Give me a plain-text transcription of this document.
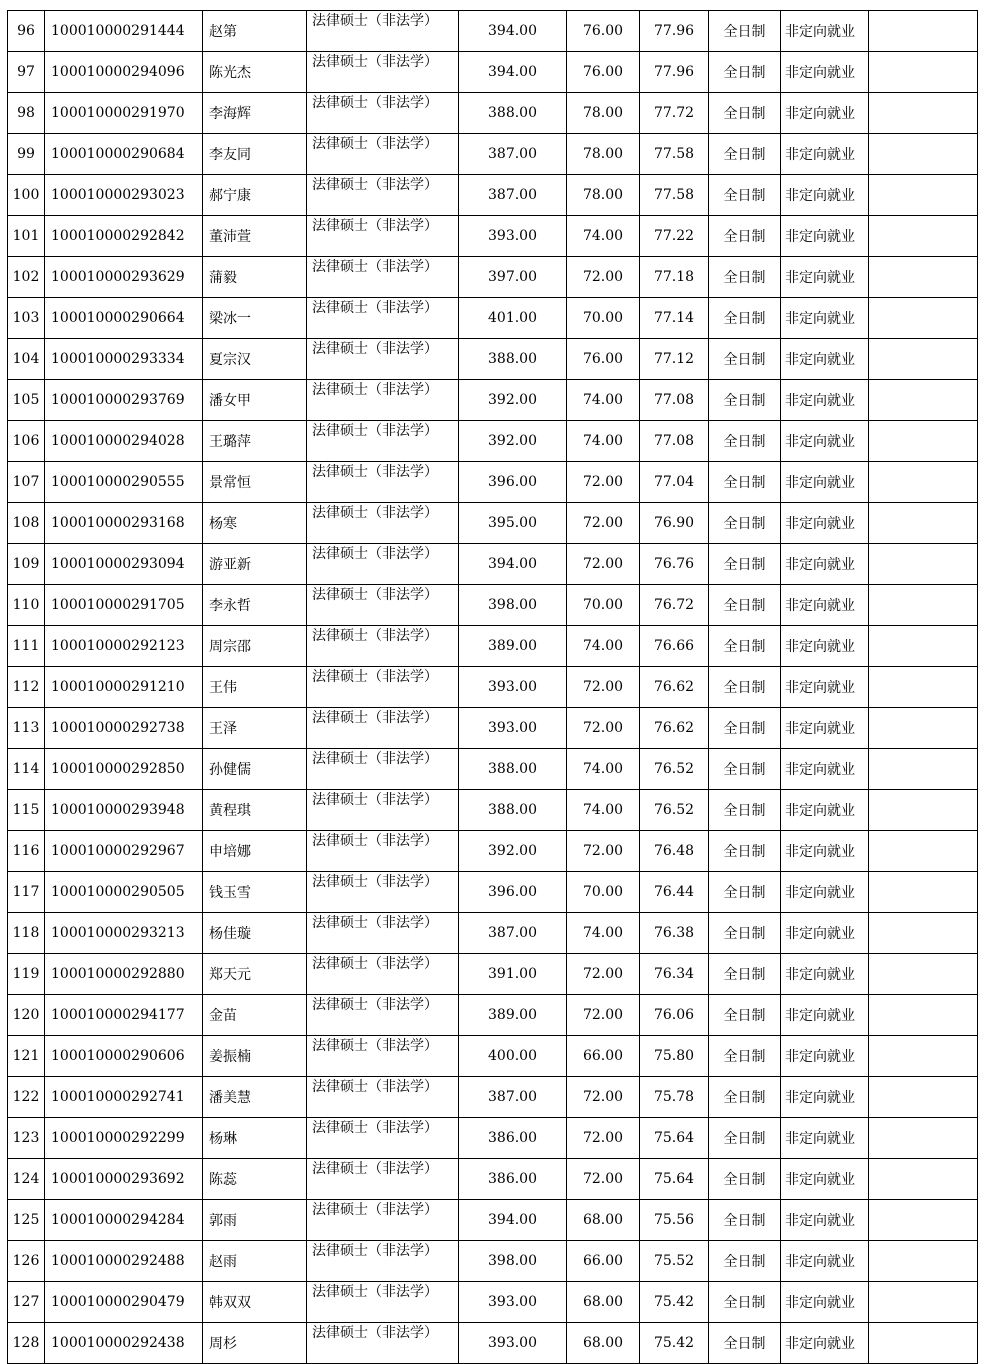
96	100010000291444	赵第	法律硕士（非法学）	394.00	76.00	77.96	全日制	非定向就业	
97	100010000294096	陈光杰	法律硕士（非法学）	394.00	76.00	77.96	全日制	非定向就业	
98	100010000291970	李海辉	法律硕士（非法学）	388.00	78.00	77.72	全日制	非定向就业	
99	100010000290684	李友同	法律硕士（非法学）	387.00	78.00	77.58	全日制	非定向就业	
100	100010000293023	郝宁康	法律硕士（非法学）	387.00	78.00	77.58	全日制	非定向就业	
101	100010000292842	董沛萱	法律硕士（非法学）	393.00	74.00	77.22	全日制	非定向就业	
102	100010000293629	蒲毅	法律硕士（非法学）	397.00	72.00	77.18	全日制	非定向就业	
103	100010000290664	梁冰一	法律硕士（非法学）	401.00	70.00	77.14	全日制	非定向就业	
104	100010000293334	夏宗汉	法律硕士（非法学）	388.00	76.00	77.12	全日制	非定向就业	
105	100010000293769	潘女甲	法律硕士（非法学）	392.00	74.00	77.08	全日制	非定向就业	
106	100010000294028	王璐萍	法律硕士（非法学）	392.00	74.00	77.08	全日制	非定向就业	
107	100010000290555	景常恒	法律硕士（非法学）	396.00	72.00	77.04	全日制	非定向就业	
108	100010000293168	杨寒	法律硕士（非法学）	395.00	72.00	76.90	全日制	非定向就业	
109	100010000293094	游亚新	法律硕士（非法学）	394.00	72.00	76.76	全日制	非定向就业	
110	100010000291705	李永哲	法律硕士（非法学）	398.00	70.00	76.72	全日制	非定向就业	
111	100010000292123	周宗邵	法律硕士（非法学）	389.00	74.00	76.66	全日制	非定向就业	
112	100010000291210	王伟	法律硕士（非法学）	393.00	72.00	76.62	全日制	非定向就业	
113	100010000292738	王泽	法律硕士（非法学）	393.00	72.00	76.62	全日制	非定向就业	
114	100010000292850	孙健儒	法律硕士（非法学）	388.00	74.00	76.52	全日制	非定向就业	
115	100010000293948	黄程琪	法律硕士（非法学）	388.00	74.00	76.52	全日制	非定向就业	
116	100010000292967	申培娜	法律硕士（非法学）	392.00	72.00	76.48	全日制	非定向就业	
117	100010000290505	钱玉雪	法律硕士（非法学）	396.00	70.00	76.44	全日制	非定向就业	
118	100010000293213	杨佳璇	法律硕士（非法学）	387.00	74.00	76.38	全日制	非定向就业	
119	100010000292880	郑天元	法律硕士（非法学）	391.00	72.00	76.34	全日制	非定向就业	
120	100010000294177	金苗	法律硕士（非法学）	389.00	72.00	76.06	全日制	非定向就业	
121	100010000290606	姜振楠	法律硕士（非法学）	400.00	66.00	75.80	全日制	非定向就业	
122	100010000292741	潘美慧	法律硕士（非法学）	387.00	72.00	75.78	全日制	非定向就业	
123	100010000292299	杨琳	法律硕士（非法学）	386.00	72.00	75.64	全日制	非定向就业	
124	100010000293692	陈蕊	法律硕士（非法学）	386.00	72.00	75.64	全日制	非定向就业	
125	100010000294284	郭雨	法律硕士（非法学）	394.00	68.00	75.56	全日制	非定向就业	
126	100010000292488	赵雨	法律硕士（非法学）	398.00	66.00	75.52	全日制	非定向就业	
127	100010000290479	韩双双	法律硕士（非法学）	393.00	68.00	75.42	全日制	非定向就业	
128	100010000292438	周杉	法律硕士（非法学）	393.00	68.00	75.42	全日制	非定向就业	
